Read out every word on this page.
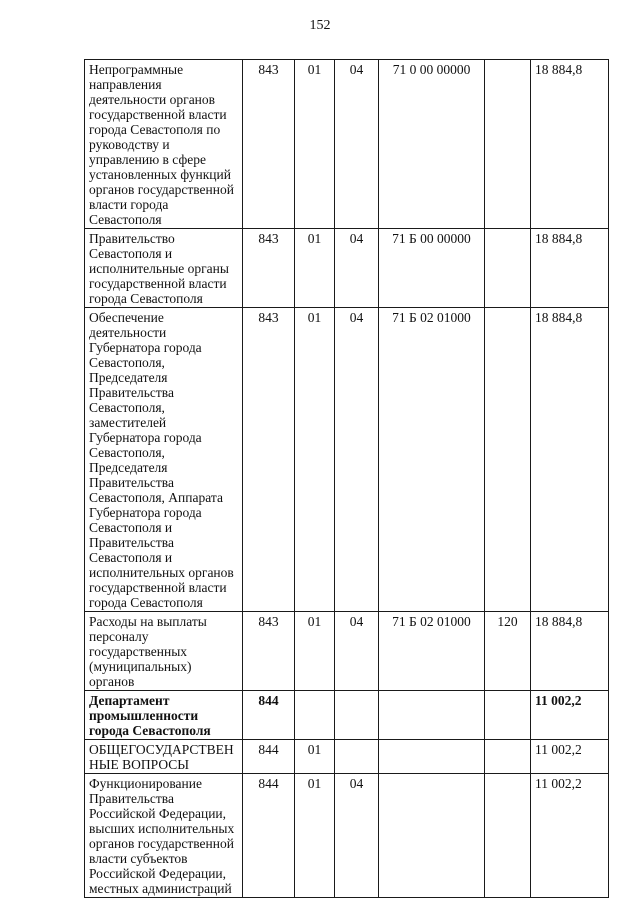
152
Непрограммные направления деятельности органов государственной власти города Севастополя по руководству и управлению в сфере установленных функций органов государственной власти города Севастополя	843	01	04	71 0 00 00000		18 884,8
Правительство Севастополя и исполнительные органы государственной власти города Севастополя	843	01	04	71 Б 00 00000		18 884,8
Обеспечение деятельности Губернатора города Севастополя, Председателя Правительства Севастополя, заместителей Губернатора города Севастополя, Председателя Правительства Севастополя, Аппарата Губернатора города Севастополя и Правительства Севастополя и исполнительных органов государственной власти города Севастополя	843	01	04	71 Б 02 01000		18 884,8
Расходы на выплаты персоналу государственных (муниципальных) органов	843	01	04	71 Б 02 01000	120	18 884,8
Департамент промышленности города Севастополя	844					11 002,2
ОБЩЕГОСУДАРСТВЕН НЫЕ ВОПРОСЫ	844	01				11 002,2
Функционирование Правительства Российской Федерации, высших исполнительных органов государственной власти субъектов Российской Федерации, местных администраций	844	01	04			11 002,2
